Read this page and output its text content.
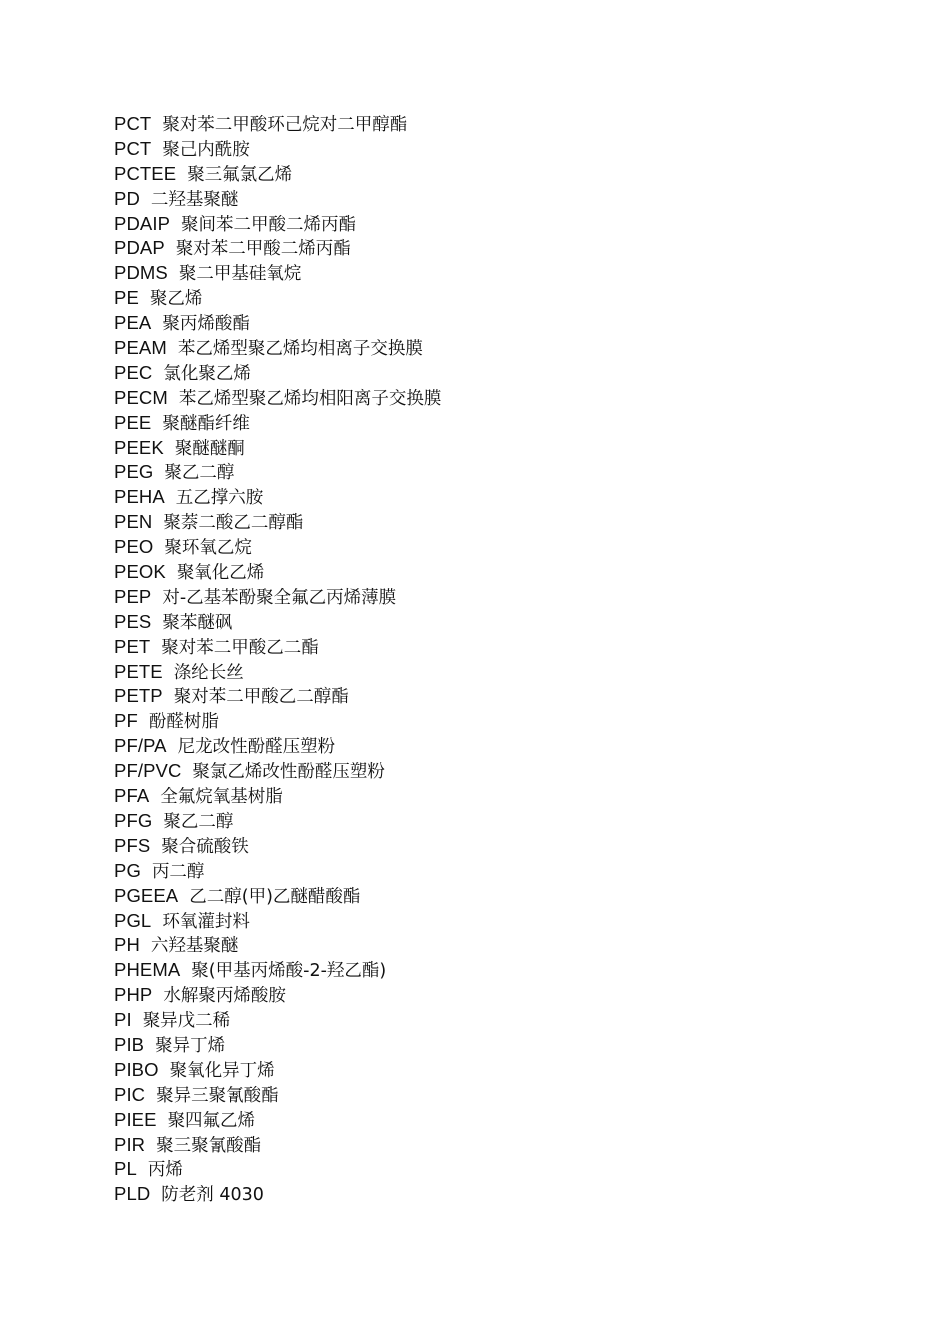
PCT 聚对苯二甲酸环己烷对二甲醇酯
PCT 聚己内酰胺
PCTEE 聚三氟氯乙烯
PD 二羟基聚醚
PDAIP 聚间苯二甲酸二烯丙酯
PDAP 聚对苯二甲酸二烯丙酯
PDMS 聚二甲基硅氧烷
PE 聚乙烯
PEA 聚丙烯酸酯
PEAM 苯乙烯型聚乙烯均相离子交换膜
PEC 氯化聚乙烯
PECM 苯乙烯型聚乙烯均相阳离子交换膜
PEE 聚醚酯纤维
PEEK 聚醚醚酮
PEG 聚乙二醇
PEHA 五乙撑六胺
PEN 聚萘二酸乙二醇酯
PEO 聚环氧乙烷
PEOK 聚氧化乙烯
PEP 对-乙基苯酚聚全氟乙丙烯薄膜
PES 聚苯醚砜
PET 聚对苯二甲酸乙二酯
PETE 涤纶长丝
PETP 聚对苯二甲酸乙二醇酯
PF 酚醛树脂
PF/PA 尼龙改性酚醛压塑粉
PF/PVC 聚氯乙烯改性酚醛压塑粉
PFA 全氟烷氧基树脂
PFG 聚乙二醇
PFS 聚合硫酸铁
PG 丙二醇
PGEEA 乙二醇(甲)乙醚醋酸酯
PGL 环氧灌封料
PH 六羟基聚醚
PHEMA 聚(甲基丙烯酸-2-羟乙酯)
PHP 水解聚丙烯酸胺
PI 聚异戊二稀
PIB 聚异丁烯
PIBO 聚氧化异丁烯
PIC 聚异三聚氰酸酯
PIEE 聚四氟乙烯
PIR 聚三聚氰酸酯
PL 丙烯
PLD 防老剂 4030
